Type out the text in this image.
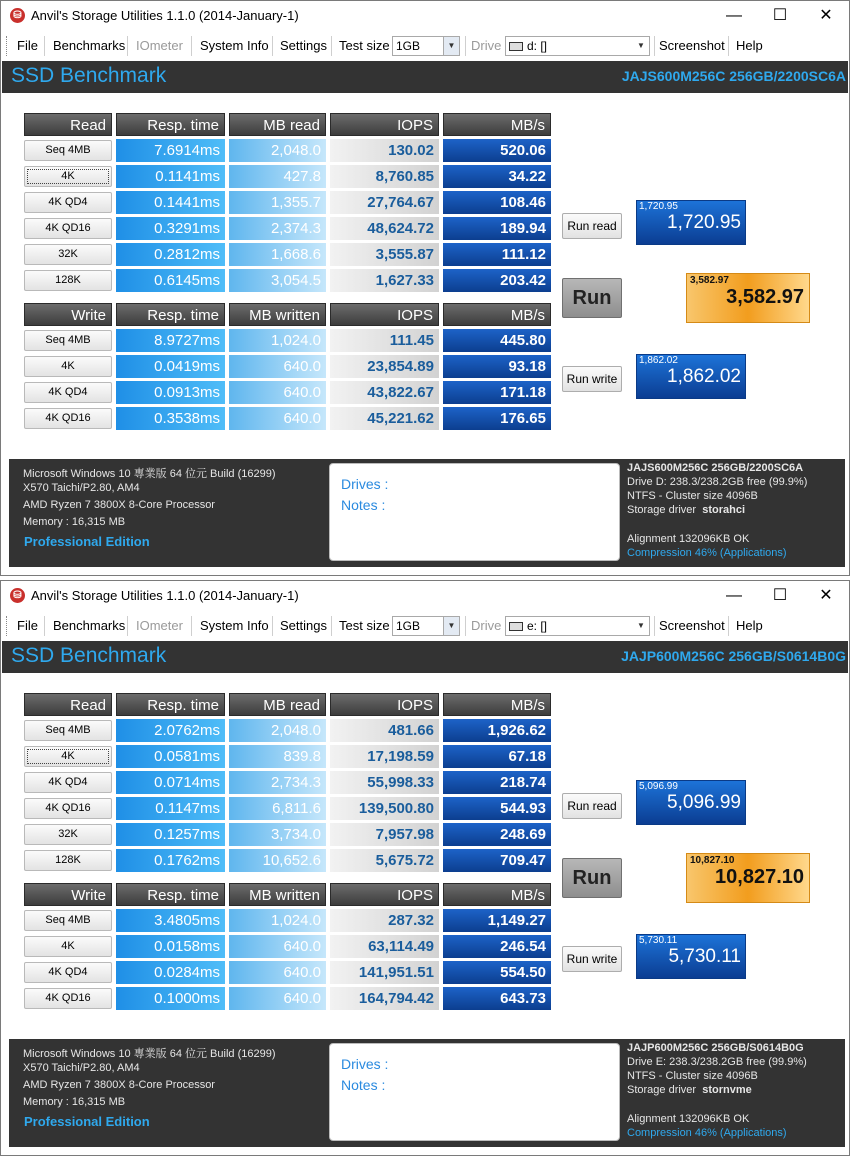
⛁ Anvil's Storage Utilities 1.1.0 (2014-January-1)	—	☐	✕
File Benchmarks IOmeter System Info Settings Test size 1GB	▼ Drive	d: []	▼	Screenshot Help
SSD Benchmark	JAJS600M256C 256GB/2200SC6A
Read	Resp. time	MB read	IOPS	MB/s
Seq 4MB	7.6914ms	2,048.0	130.02	520.06
4K	0.1141ms	427.8	8,760.85	34.22
4K QD4	0.1441ms	1,355.7	27,764.67	108.46
4K QD16	0.3291ms	2,374.3	48,624.72	189.94
32K	0.2812ms	1,668.6	3,555.87	111.12
128K	0.6145ms	3,054.5	1,627.33	203.42
Write	Resp. time	MB written	IOPS	MB/s
Seq 4MB	8.9727ms	1,024.0	111.45	445.80
4K	0.0419ms	640.0	23,854.89	93.18
4K QD4	0.0913ms	640.0	43,822.67	171.18
4K QD16	0.3538ms	640.0	45,221.62	176.65
Run read
Run
Run write
1,720.95
1,720.95
3,582.97
3,582.97
1,862.02
1,862.02
Microsoft Windows 10 專業版 64 位元 Build (16299)
X570 Taichi/P2.80, AM4
AMD Ryzen 7 3800X 8-Core Processor
Memory : 16,315 MB
Professional Edition
Drives :
Notes :
JAJS600M256C 256GB/2200SC6A
Drive D: 238.3/238.2GB free (99.9%)
NTFS - Cluster size 4096B
Storage driver storahci
Alignment 132096KB OK
Compression 46% (Applications)
⛁ Anvil's Storage Utilities 1.1.0 (2014-January-1)	—	☐	✕
File Benchmarks IOmeter System Info Settings Test size 1GB	▼ Drive	e: []	▼	Screenshot Help
SSD Benchmark	JAJP600M256C 256GB/S0614B0G
Read	Resp. time	MB read	IOPS	MB/s
Seq 4MB	2.0762ms	2,048.0	481.66	1,926.62
4K	0.0581ms	839.8	17,198.59	67.18
4K QD4	0.0714ms	2,734.3	55,998.33	218.74
4K QD16	0.1147ms	6,811.6	139,500.80	544.93
32K	0.1257ms	3,734.0	7,957.98	248.69
128K	0.1762ms	10,652.6	5,675.72	709.47
Write	Resp. time	MB written	IOPS	MB/s
Seq 4MB	3.4805ms	1,024.0	287.32	1,149.27
4K	0.0158ms	640.0	63,114.49	246.54
4K QD4	0.0284ms	640.0	141,951.51	554.50
4K QD16	0.1000ms	640.0	164,794.42	643.73
Run read
Run
Run write
5,096.99
5,096.99
10,827.10
10,827.10
5,730.11
5,730.11
Microsoft Windows 10 專業版 64 位元 Build (16299)
X570 Taichi/P2.80, AM4
AMD Ryzen 7 3800X 8-Core Processor
Memory : 16,315 MB
Professional Edition
Drives :
Notes :
JAJP600M256C 256GB/S0614B0G
Drive E: 238.3/238.2GB free (99.9%)
NTFS - Cluster size 4096B
Storage driver stornvme
Alignment 132096KB OK
Compression 46% (Applications)
